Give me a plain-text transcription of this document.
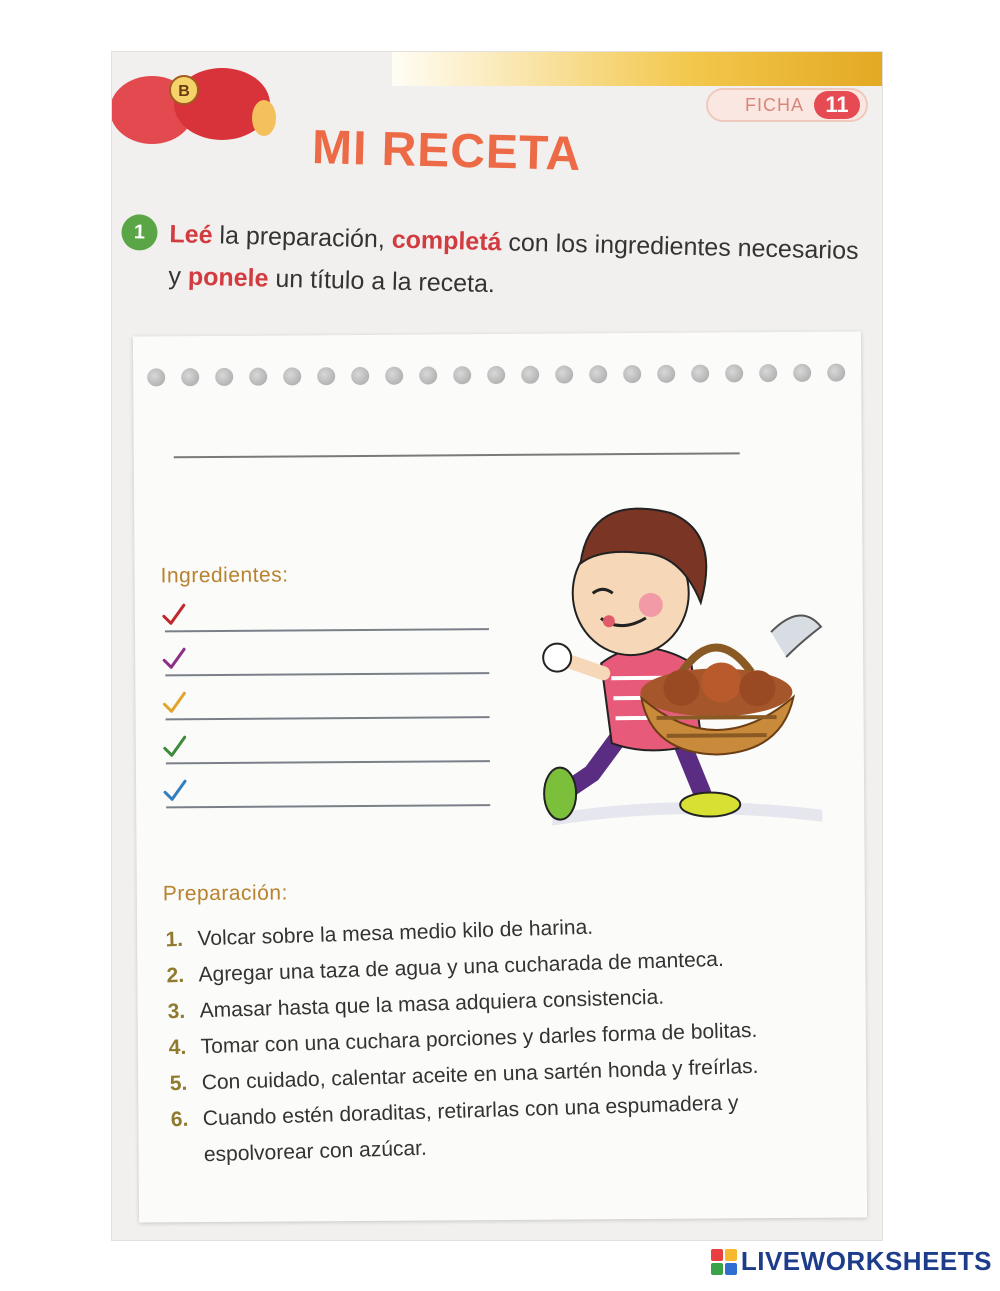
B
FICHA 11
MI RECETA
1 Leé la preparación, completá con los ingredientes necesarios y ponele un título a la receta.

Ingredientes:
Preparación:
1. Volcar sobre la mesa medio kilo de harina.
2. Agregar una taza de agua y una cucharada de manteca.
3. Amasar hasta que la masa adquiera consistencia.
4. Tomar con una cuchara porciones y darles forma de bolitas.
5. Con cuidado, calentar aceite en una sartén honda y freírlas.
6. Cuando estén doraditas, retirarlas con una espumadera y espolvorear con azúcar.
LIVEWORKSHEETS
